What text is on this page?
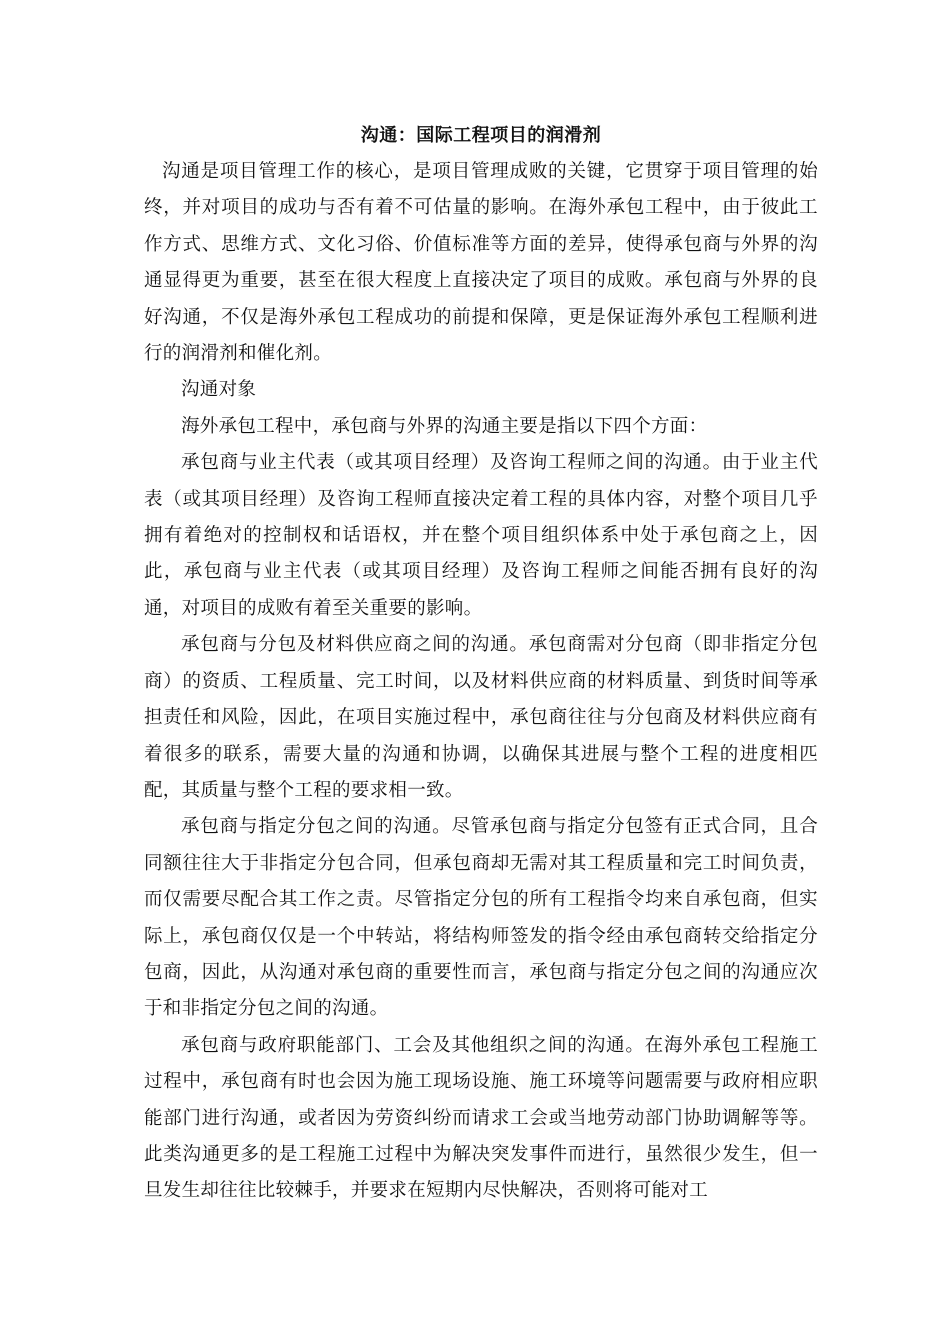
沟通：国际工程项目的润滑剂

沟通是项目管理工作的核心，是项目管理成败的关键，它贯穿于项目管理的始终，并对项目的成功与否有着不可估量的影响。在海外承包工程中，由于彼此工作方式、思维方式、文化习俗、价值标准等方面的差异，使得承包商与外界的沟通显得更为重要，甚至在很大程度上直接决定了项目的成败。承包商与外界的良好沟通，不仅是海外承包工程成功的前提和保障，更是保证海外承包工程顺利进行的润滑剂和催化剂。

沟通对象

海外承包工程中，承包商与外界的沟通主要是指以下四个方面：

承包商与业主代表（或其项目经理）及咨询工程师之间的沟通。由于业主代表（或其项目经理）及咨询工程师直接决定着工程的具体内容，对整个项目几乎拥有着绝对的控制权和话语权，并在整个项目组织体系中处于承包商之上，因此，承包商与业主代表（或其项目经理）及咨询工程师之间能否拥有良好的沟通，对项目的成败有着至关重要的影响。

承包商与分包及材料供应商之间的沟通。承包商需对分包商（即非指定分包商）的资质、工程质量、完工时间，以及材料供应商的材料质量、到货时间等承担责任和风险，因此，在项目实施过程中，承包商往往与分包商及材料供应商有着很多的联系，需要大量的沟通和协调，以确保其进展与整个工程的进度相匹配，其质量与整个工程的要求相一致。

承包商与指定分包之间的沟通。尽管承包商与指定分包签有正式合同，且合同额往往大于非指定分包合同，但承包商却无需对其工程质量和完工时间负责，而仅需要尽配合其工作之责。尽管指定分包的所有工程指令均来自承包商，但实际上，承包商仅仅是一个中转站，将结构师签发的指令经由承包商转交给指定分包商，因此，从沟通对承包商的重要性而言，承包商与指定分包之间的沟通应次于和非指定分包之间的沟通。

承包商与政府职能部门、工会及其他组织之间的沟通。在海外承包工程施工过程中，承包商有时也会因为施工现场设施、施工环境等问题需要与政府相应职能部门进行沟通，或者因为劳资纠纷而请求工会或当地劳动部门协助调解等等。此类沟通更多的是工程施工过程中为解决突发事件而进行，虽然很少发生，但一旦发生却往往比较棘手，并要求在短期内尽快解决，否则将可能对工
